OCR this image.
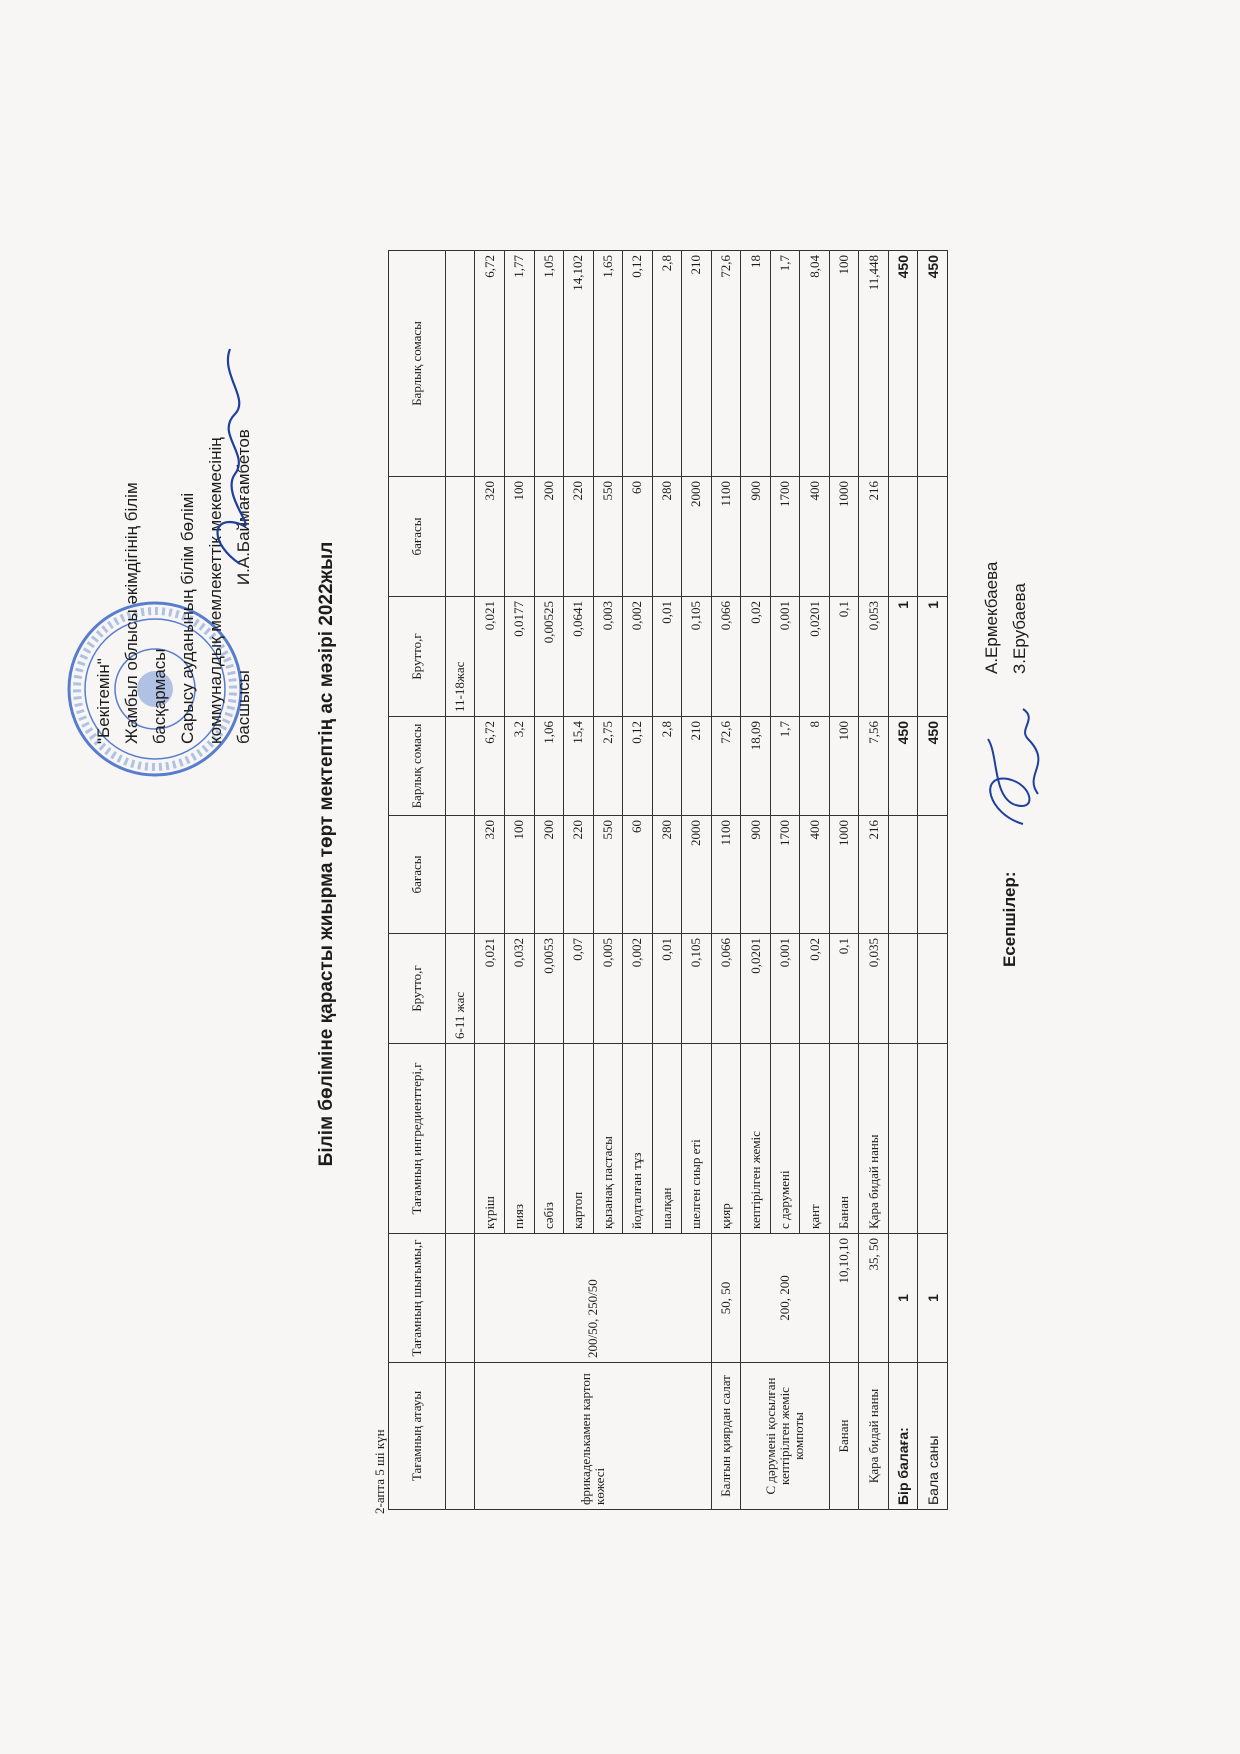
Білім бөліміне қарасты жиырма төрт мектептің ас мәзірі 2022жыл
2-апта 5 ші күн Тағамның атауы	Тағамның шығымы,г	Тағамның ингредиенттері,г	Брутто,г	бағасы	Барлық сомасы	Брутто,г	бағасы	Барлық сомасы
			6-11 жас			11-18жас		
фрикаделькамен картоп көжесі	200/50, 250/50	күріш	0,021	320	6,72	0,021	320	6,72
		пияз	0,032	100	3,2	0,0177	100	1,77
		сәбіз	0,0053	200	1,06	0,00525	200	1,05
		картоп	0,07	220	15,4	0,0641	220	14,102
		қызанақ пастасы	0,005	550	2,75	0,003	550	1,65
		йодталған тұз	0,002	60	0,12	0,002	60	0,12
		шалқан	0,01	280	2,8	0,01	280	2,8
		шелген сиыр еті	0,105	2000	210	0,105	2000	210
Балғын қиярдан салат	50, 50	қияр	0,066	1100	72,6	0,066	1100	72,6
С дәрумені қосылған кептірілген жеміс компоты	200, 200	кептірілген жеміс	0,0201	900	18,09	0,02	900	18
		с дәрумені	0,001	1700	1,7	0,001	1700	1,7
		қант	0,02	400	8	0,0201	400	8,04
Банан	10,10,10	Банан	0,1	1000	100	0,1	1000	100
Қара бидай наны	35, 50	Қара бидай наны	0,035	216	7,56	0,053	216	11,448
Бір балаға:	1				450	1		450
Бала саны	1				450	1		450
Есепшілер:
А.Ермекбаева З.Ерубаева
"Бекітемін" Жамбыл облысы әкімдігінің білім басқармасы Сарысу ауданының білім бөлімі коммуналдық мемлекеттік мекемесінің басшысы                  И.А.Баймағамбетов
